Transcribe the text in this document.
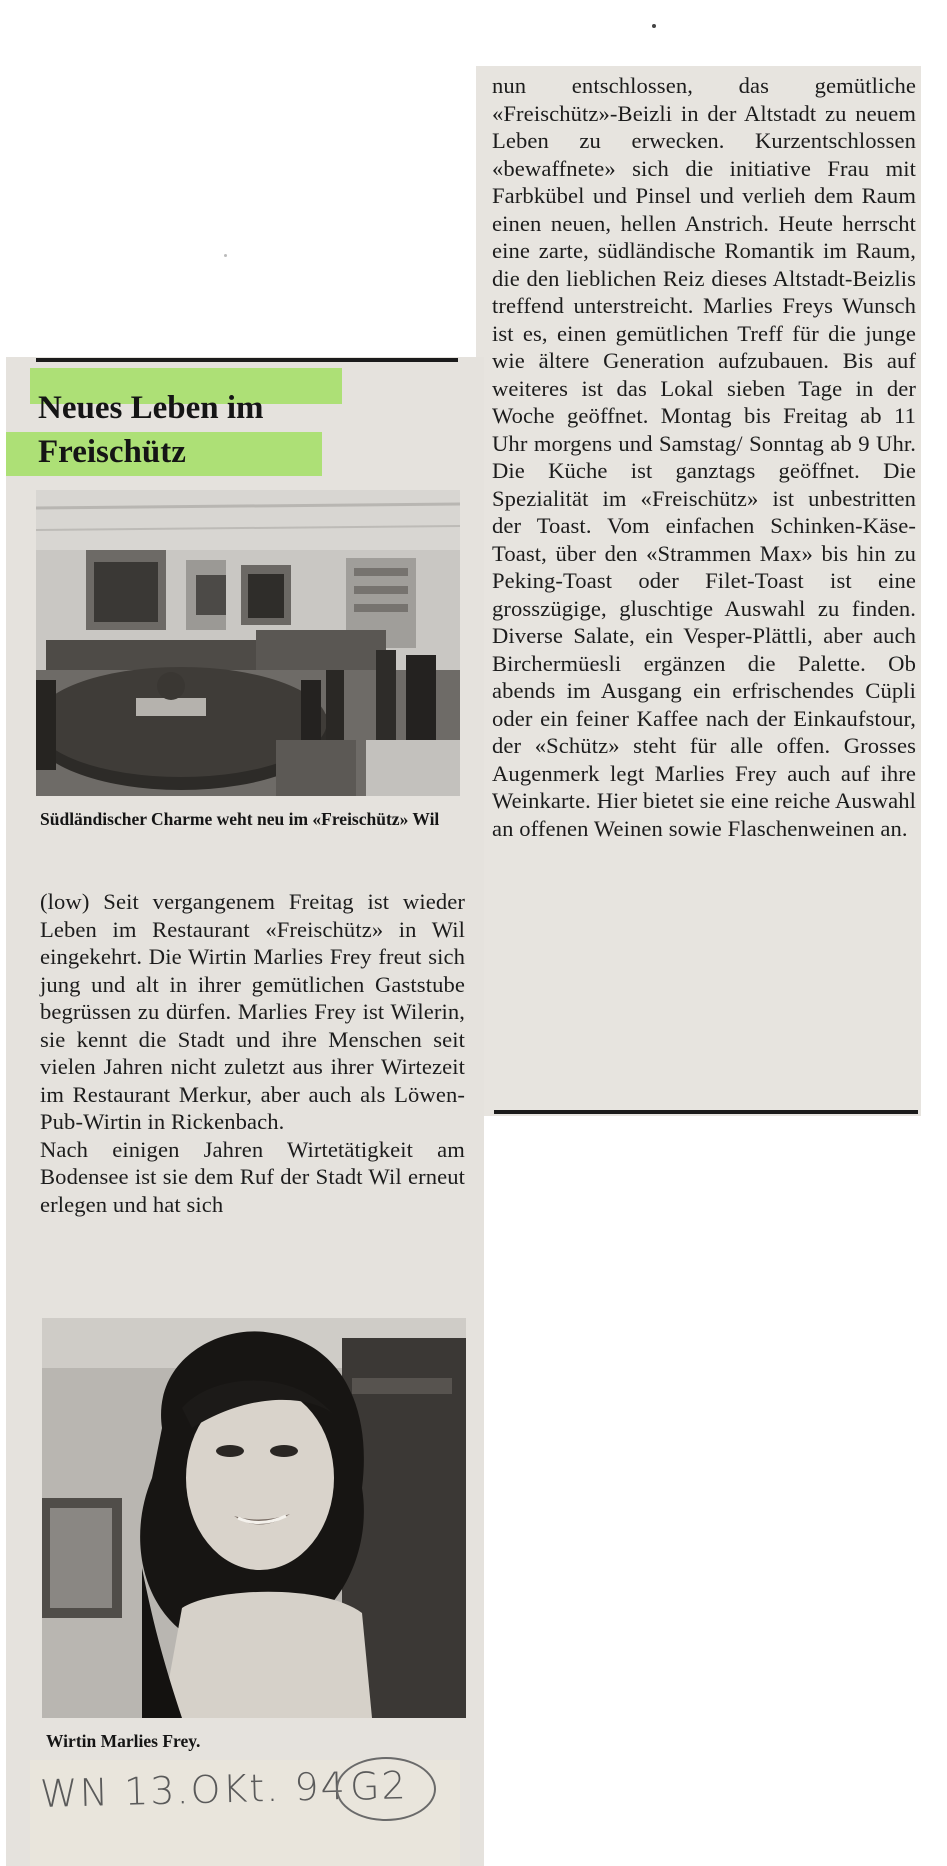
Neues Leben im
Freischütz
Südländischer Charme weht neu im «Freischütz» Wil

(low) Seit vergangenem Freitag ist wieder Leben im Restaurant «Freischütz» in Wil eingekehrt. Die Wirtin Marlies Frey freut sich jung und alt in ihrer gemütlichen Gaststube begrüssen zu dürfen. Marlies Frey ist Wilerin, sie kennt die Stadt und ihre Menschen seit vielen Jahren nicht zuletzt aus ihrer Wirtezeit im Restaurant Merkur, aber auch als Löwen-Pub-Wirtin in Rickenbach.

Nach einigen Jahren Wirtetätigkeit am Bodensee ist sie dem Ruf der Stadt Wil erneut erlegen und hat sich

nun entschlossen, das gemütliche «Freischütz»-Beizli in der Altstadt zu neuem Leben zu erwecken. Kurzentschlossen «bewaffnete» sich die initiative Frau mit Farbkübel und Pinsel und verlieh dem Raum einen neuen, hellen Anstrich. Heute herrscht eine zarte, südländische Romantik im Raum, die den lieblichen Reiz dieses Altstadt-Beizlis treffend unterstreicht. Marlies Freys Wunsch ist es, einen gemütlichen Treff für die junge wie ältere Generation aufzubauen. Bis auf weiteres ist das Lokal sieben Tage in der Woche geöffnet. Montag bis Freitag ab 11 Uhr morgens und Samstag/ Sonntag ab 9 Uhr. Die Küche ist ganztags geöffnet. Die Spezialität im «Freischütz» ist unbestritten der Toast. Vom einfachen Schinken-Käse-Toast, über den «Strammen Max» bis hin zu Peking-Toast oder Filet-Toast ist eine grosszügige, gluschtige Auswahl zu finden. Diverse Salate, ein Vesper-Plättli, aber auch Birchermüesli ergänzen die Palette. Ob abends im Ausgang ein erfrischendes Cüpli oder ein feiner Kaffee nach der Einkaufstour, der «Schütz» steht für alle offen. Grosses Augenmerk legt Marlies Frey auch auf ihre Weinkarte. Hier bietet sie eine reiche Auswahl an offenen Weinen sowie Flaschenweinen an.

Wirtin Marlies Frey.
WN 13.OKt. 94 G2
